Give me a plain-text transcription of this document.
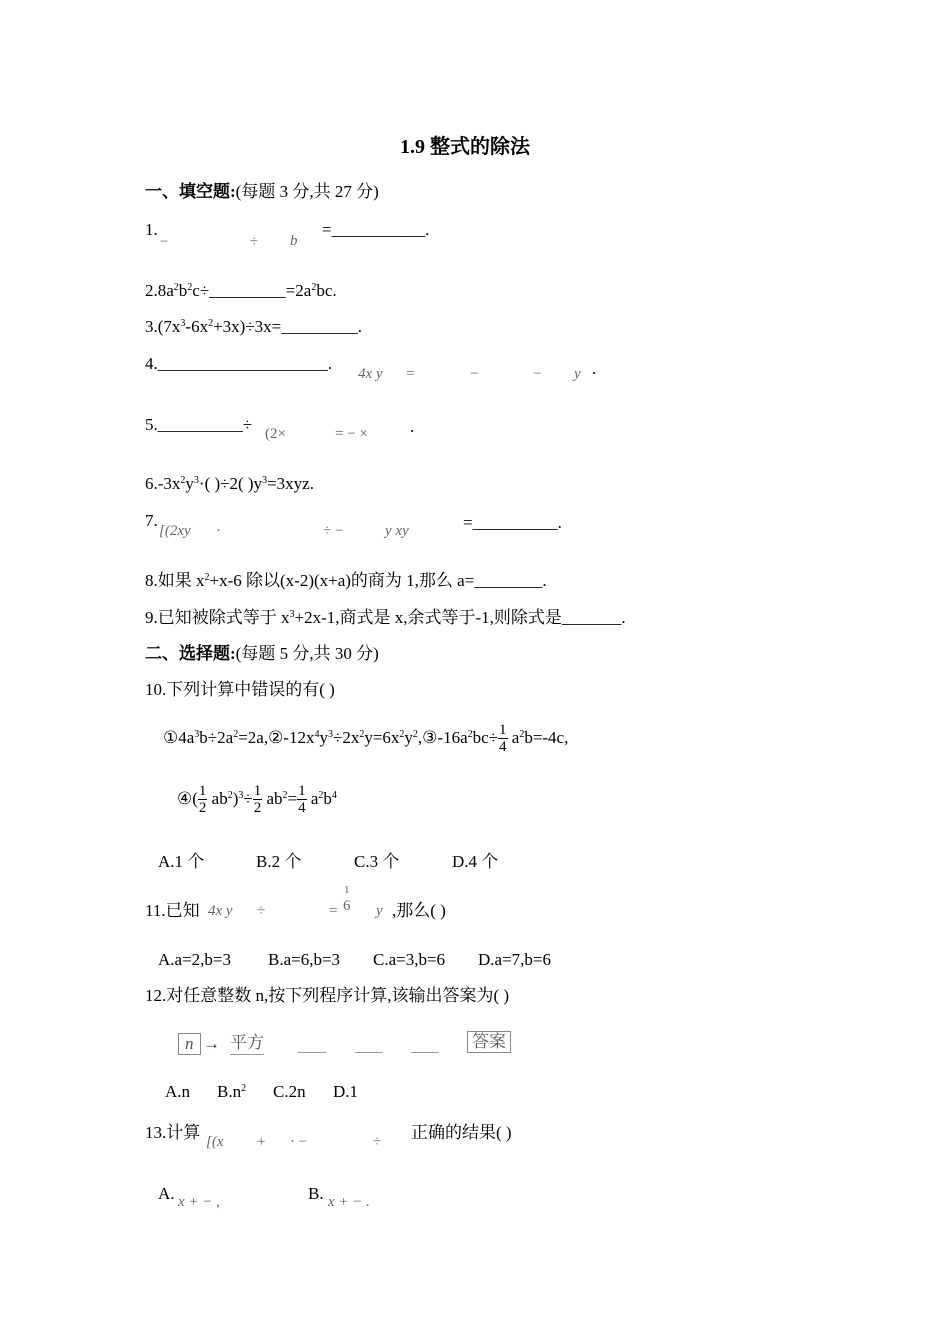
1.9 整式的除法
一、填空题:(每题 3 分,共 27 分)
1.
−	÷ b
=___________.
$2.8a^2b^2c\div\_\_\_\_\_\_\_\_\_=2a^2bc$.
$3.(7x^3-6x^2+3x)\div 3x=\_\_\_\_\_\_\_\_\_$.
4.____________________.
4x y =	−	− y .
5.__________÷ (2×	= − × .
$6.-3x^2y^3\cdot$( )÷2( )$y^3=3xyz$.
7.
[(2xy ·	÷ −	y xy	=__________.
8.如果 $x^2+x-6$ 除以(x-2)(x+a)的商为 1,那么 a=________.
9.已知被除式等于 $x^3+2x-1$,商式是 x,余式等于-1,则除式是_______.
二、选择题:(每题 5 分,共 30 分)
10.下列计算中错误的有( )
$①4a^3b\div 2a^2=2a,②-12x^4y^3\div 2x^2y=6x^2y^2,③-16a^2bc\div \frac{1}{4} a^2b=-4c$,
④( $\frac{1}{2} ab^2)^3\div \frac{1}{2} ab^2= \frac{1}{4} a^2b^4$
A.1 个	B.2 个	C.3 个	D.4 个
11.已知 4x y ÷	=
1
6 y ,那么( )
A.a=2,b=3 B.a=6,b=3 C.a=3,b=6 D.a=7,b=6
12.对任意整数 n,按下列程序计算,该输出答案为( )
n → 平方	答案
A.n $B.n^2$ C.2n D.1
13.计算 [(x + · −	÷ 正确的结果( )
A. x + − ,	B. x + − .
